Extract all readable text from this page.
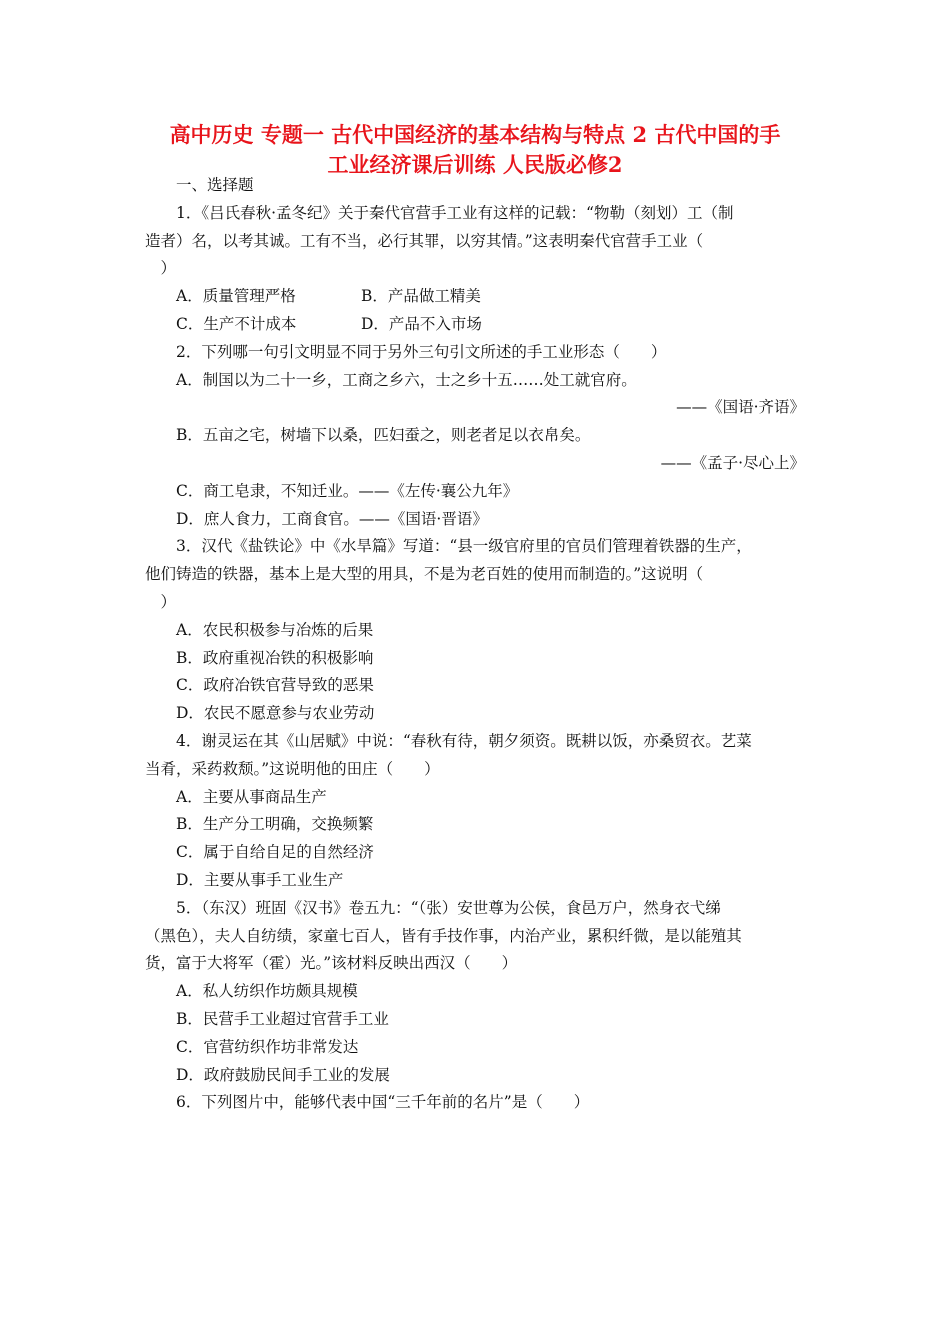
高中历史 专题一 古代中国经济的基本结构与特点 2 古代中国的手
工业经济课后训练 人民版必修2
一、选择题
1．《吕氏春秋·孟冬纪》关于秦代官营手工业有这样的记载：“物勒（刻划）工（制
造者）名，以考其诚。工有不当，必行其罪，以穷其情。”这表明秦代官营手工业（
　）
A．质量管理严格	B．产品做工精美
C．生产不计成本	D．产品不入市场
2．下列哪一句引文明显不同于另外三句引文所述的手工业形态（　　）
A．制国以为二十一乡，工商之乡六，士之乡十五……处工就官府。
——《国语·齐语》
B．五亩之宅，树墙下以桑，匹妇蚕之，则老者足以衣帛矣。
——《孟子·尽心上》
C．商工皂隶，不知迁业。——《左传·襄公九年》
D．庶人食力，工商食官。——《国语·晋语》
3．汉代《盐铁论》中《水旱篇》写道：“县一级官府里的官员们管理着铁器的生产，
他们铸造的铁器，基本上是大型的用具，不是为老百姓的使用而制造的。”这说明（
　）
A．农民积极参与冶炼的后果
B．政府重视冶铁的积极影响
C．政府冶铁官营导致的恶果
D．农民不愿意参与农业劳动
4．谢灵运在其《山居赋》中说：“春秋有待，朝夕须资。既耕以饭，亦桑贸衣。艺菜
当肴，采药救颓。”这说明他的田庄（　　）
A．主要从事商品生产
B．生产分工明确，交换频繁
C．属于自给自足的自然经济
D．主要从事手工业生产
5．（东汉）班固《汉书》卷五九：“（张）安世尊为公侯，食邑万户，然身衣弋绨
（黑色），夫人自纺绩，家童七百人，皆有手技作事，内治产业，累积纤微，是以能殖其
货，富于大将军（霍）光。”该材料反映出西汉（　　）
A．私人纺织作坊颇具规模
B．民营手工业超过官营手工业
C．官营纺织作坊非常发达
D．政府鼓励民间手工业的发展
6．下列图片中，能够代表中国“三千年前的名片”是（　　）
